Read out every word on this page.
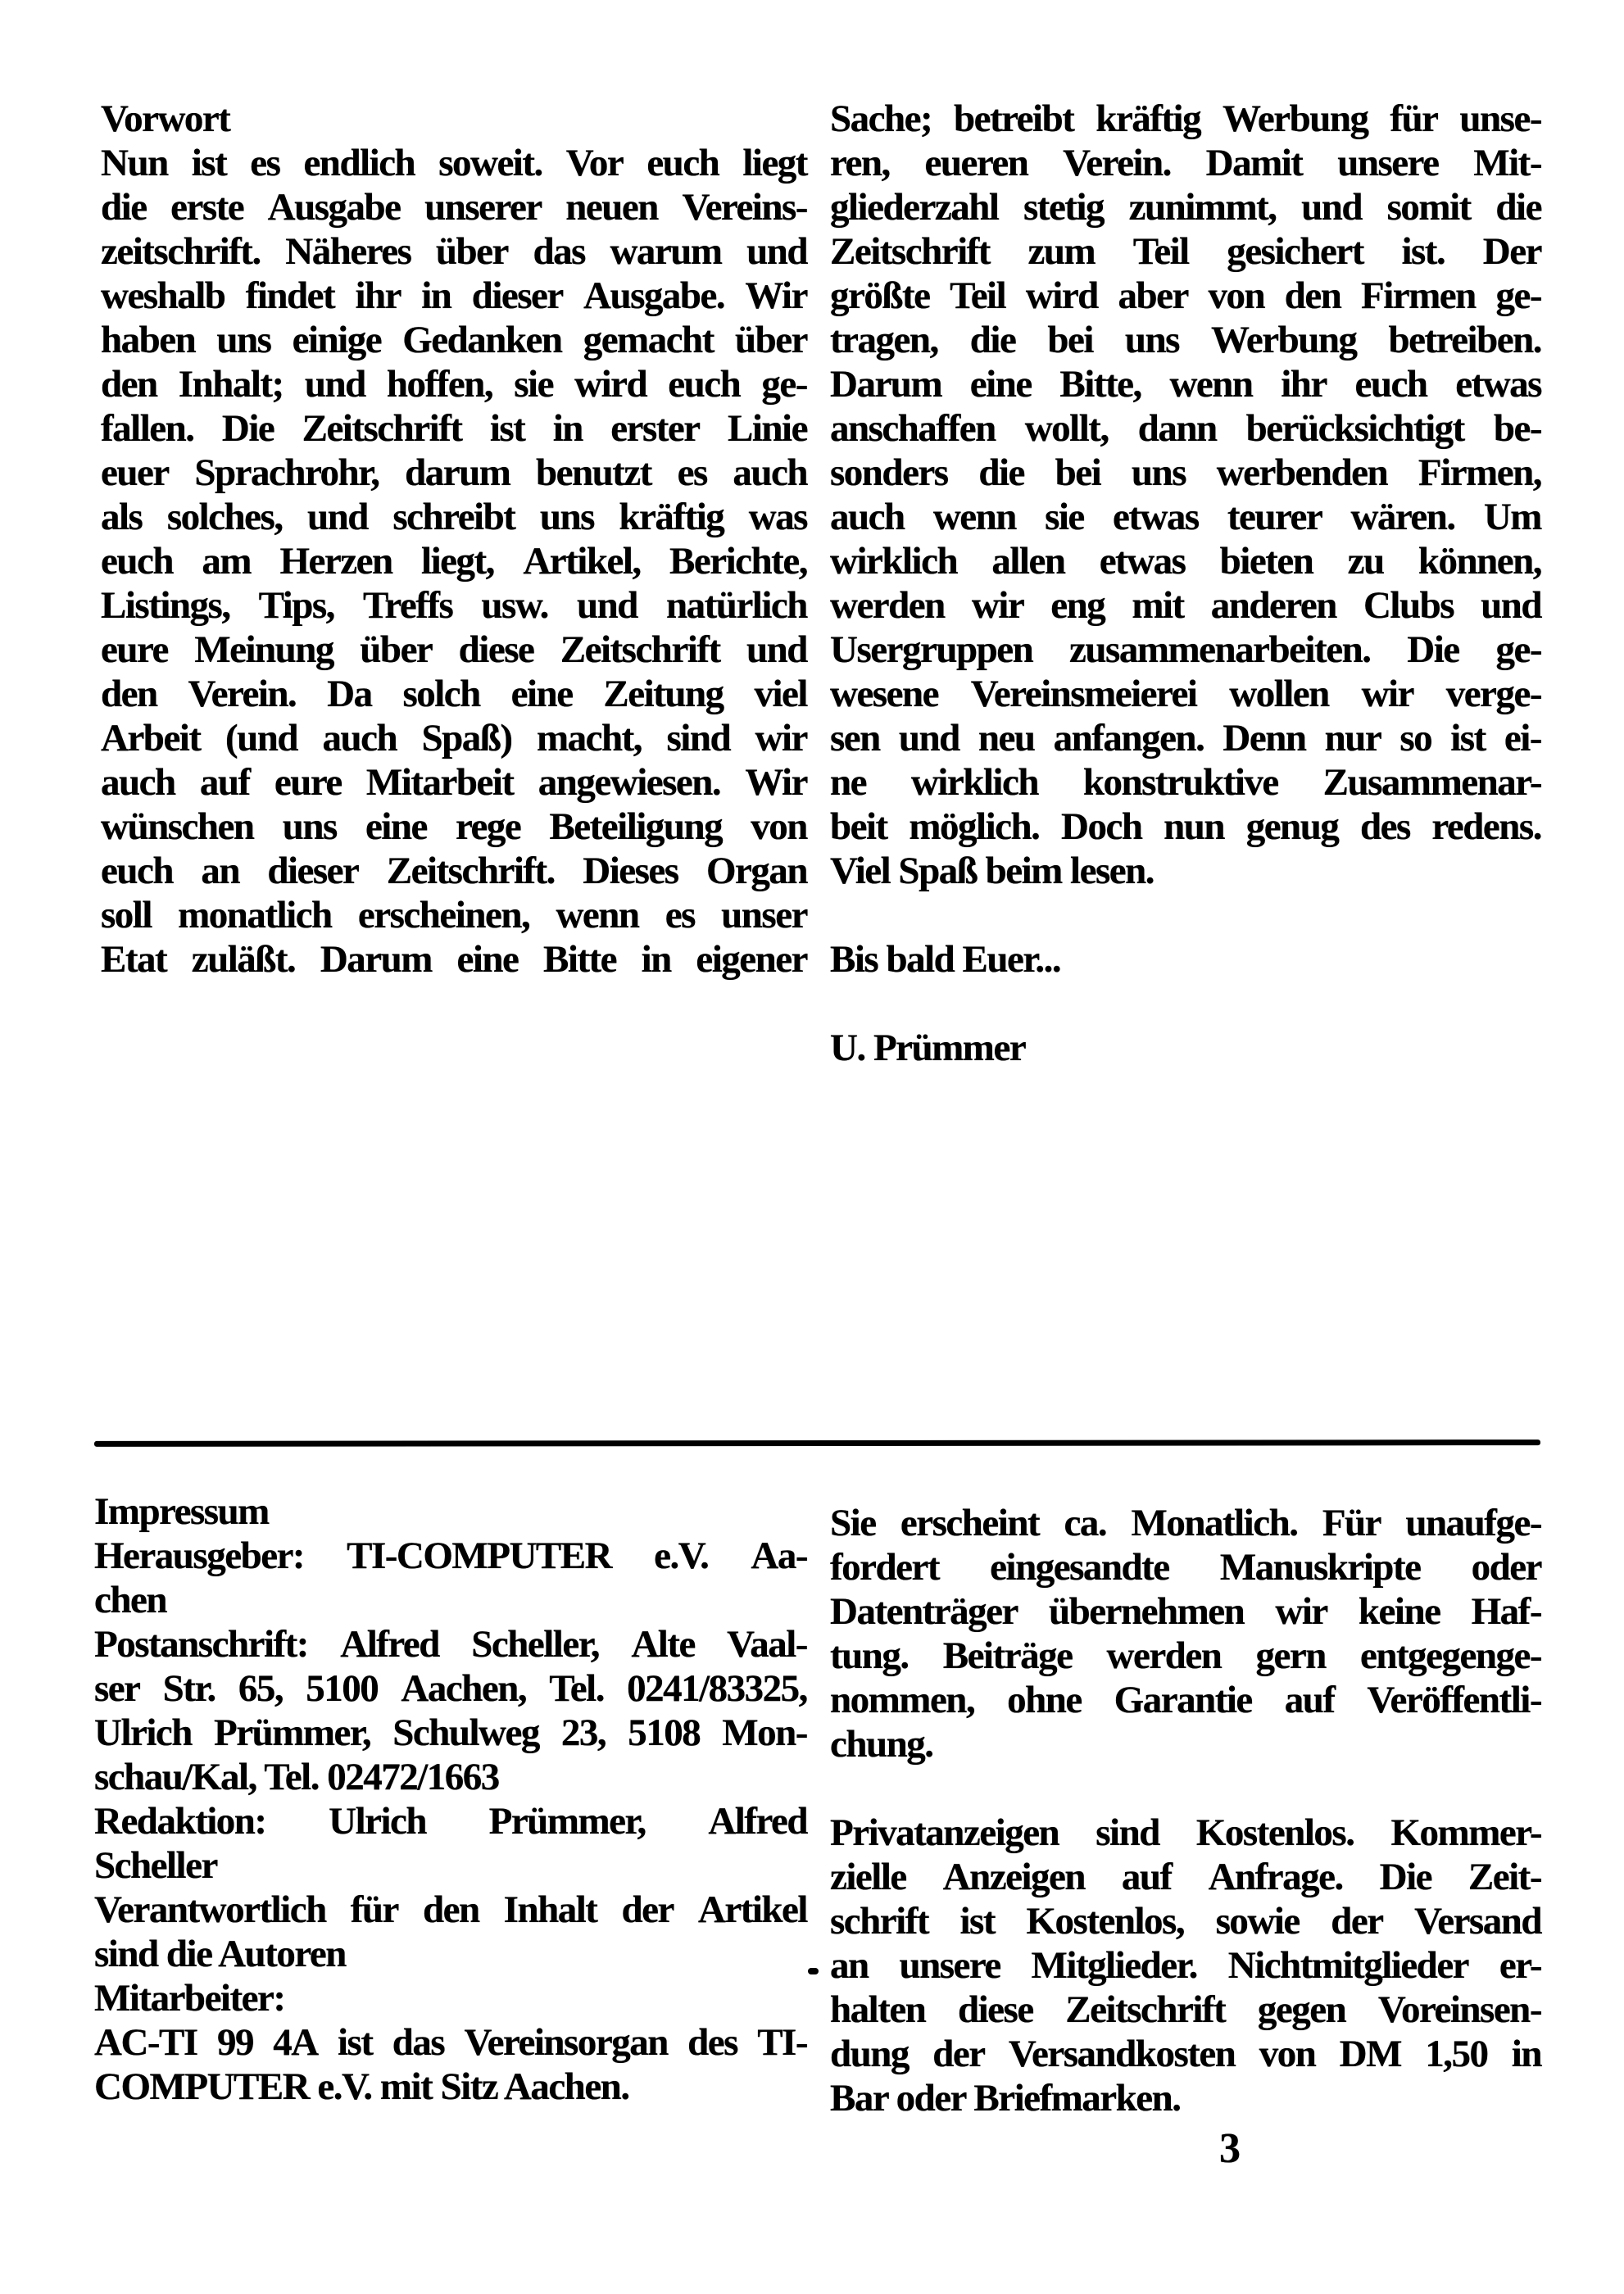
Vorwort
Nun ist es endlich soweit. Vor euch liegt
die erste Ausgabe unserer neuen Vereins-
zeitschrift. Näheres über das warum und
weshalb findet ihr in dieser Ausgabe. Wir
haben uns einige Gedanken gemacht über
den Inhalt; und hoffen, sie wird euch ge-
fallen. Die Zeitschrift ist in erster Linie
euer Sprachrohr, darum benutzt es auch
als solches, und schreibt uns kräftig was
euch am Herzen liegt, Artikel, Berichte,
Listings, Tips, Treffs usw. und natürlich
eure Meinung über diese Zeitschrift und
den Verein. Da solch eine Zeitung viel
Arbeit (und auch Spaß) macht, sind wir
auch auf eure Mitarbeit angewiesen. Wir
wünschen uns eine rege Beteiligung von
euch an dieser Zeitschrift. Dieses Organ
soll monatlich erscheinen, wenn es unser
Etat zuläßt. Darum eine Bitte in eigener
Sache; betreibt kräftig Werbung für unse-
ren, eueren Verein. Damit unsere Mit-
gliederzahl stetig zunimmt, und somit die
Zeitschrift zum Teil gesichert ist. Der
größte Teil wird aber von den Firmen ge-
tragen, die bei uns Werbung betreiben.
Darum eine Bitte, wenn ihr euch etwas
anschaffen wollt, dann berücksichtigt be-
sonders die bei uns werbenden Firmen,
auch wenn sie etwas teurer wären. Um
wirklich allen etwas bieten zu können,
werden wir eng mit anderen Clubs und
Usergruppen zusammenarbeiten. Die ge-
wesene Vereinsmeierei wollen wir verge-
sen und neu anfangen. Denn nur so ist ei-
ne wirklich konstruktive Zusammenar-
beit möglich. Doch nun genug des redens.
Viel Spaß beim lesen.
Bis bald Euer...
U. Prümmer
Impressum
Herausgeber: TI-COMPUTER e.V. Aa-
chen
Postanschrift: Alfred Scheller, Alte Vaal-
ser Str. 65, 5100 Aachen, Tel. 0241/83325,
Ulrich Prümmer, Schulweg 23, 5108 Mon-
schau/Kal, Tel. 02472/1663
Redaktion: Ulrich Prümmer, Alfred
Scheller
Verantwortlich für den Inhalt der Artikel
sind die Autoren
Mitarbeiter:
AC-TI 99 4A ist das Vereinsorgan des TI-
COMPUTER e.V. mit Sitz Aachen.
Sie erscheint ca. Monatlich. Für unaufge-
fordert eingesandte Manuskripte oder
Datenträger übernehmen wir keine Haf-
tung. Beiträge werden gern entgegenge-
nommen, ohne Garantie auf Veröffentli-
chung.
Privatanzeigen sind Kostenlos. Kommer-
zielle Anzeigen auf Anfrage. Die Zeit-
schrift ist Kostenlos, sowie der Versand
an unsere Mitglieder. Nichtmitglieder er-
halten diese Zeitschrift gegen Voreinsen-
dung der Versandkosten von DM 1,50 in
Bar oder Briefmarken.
3
